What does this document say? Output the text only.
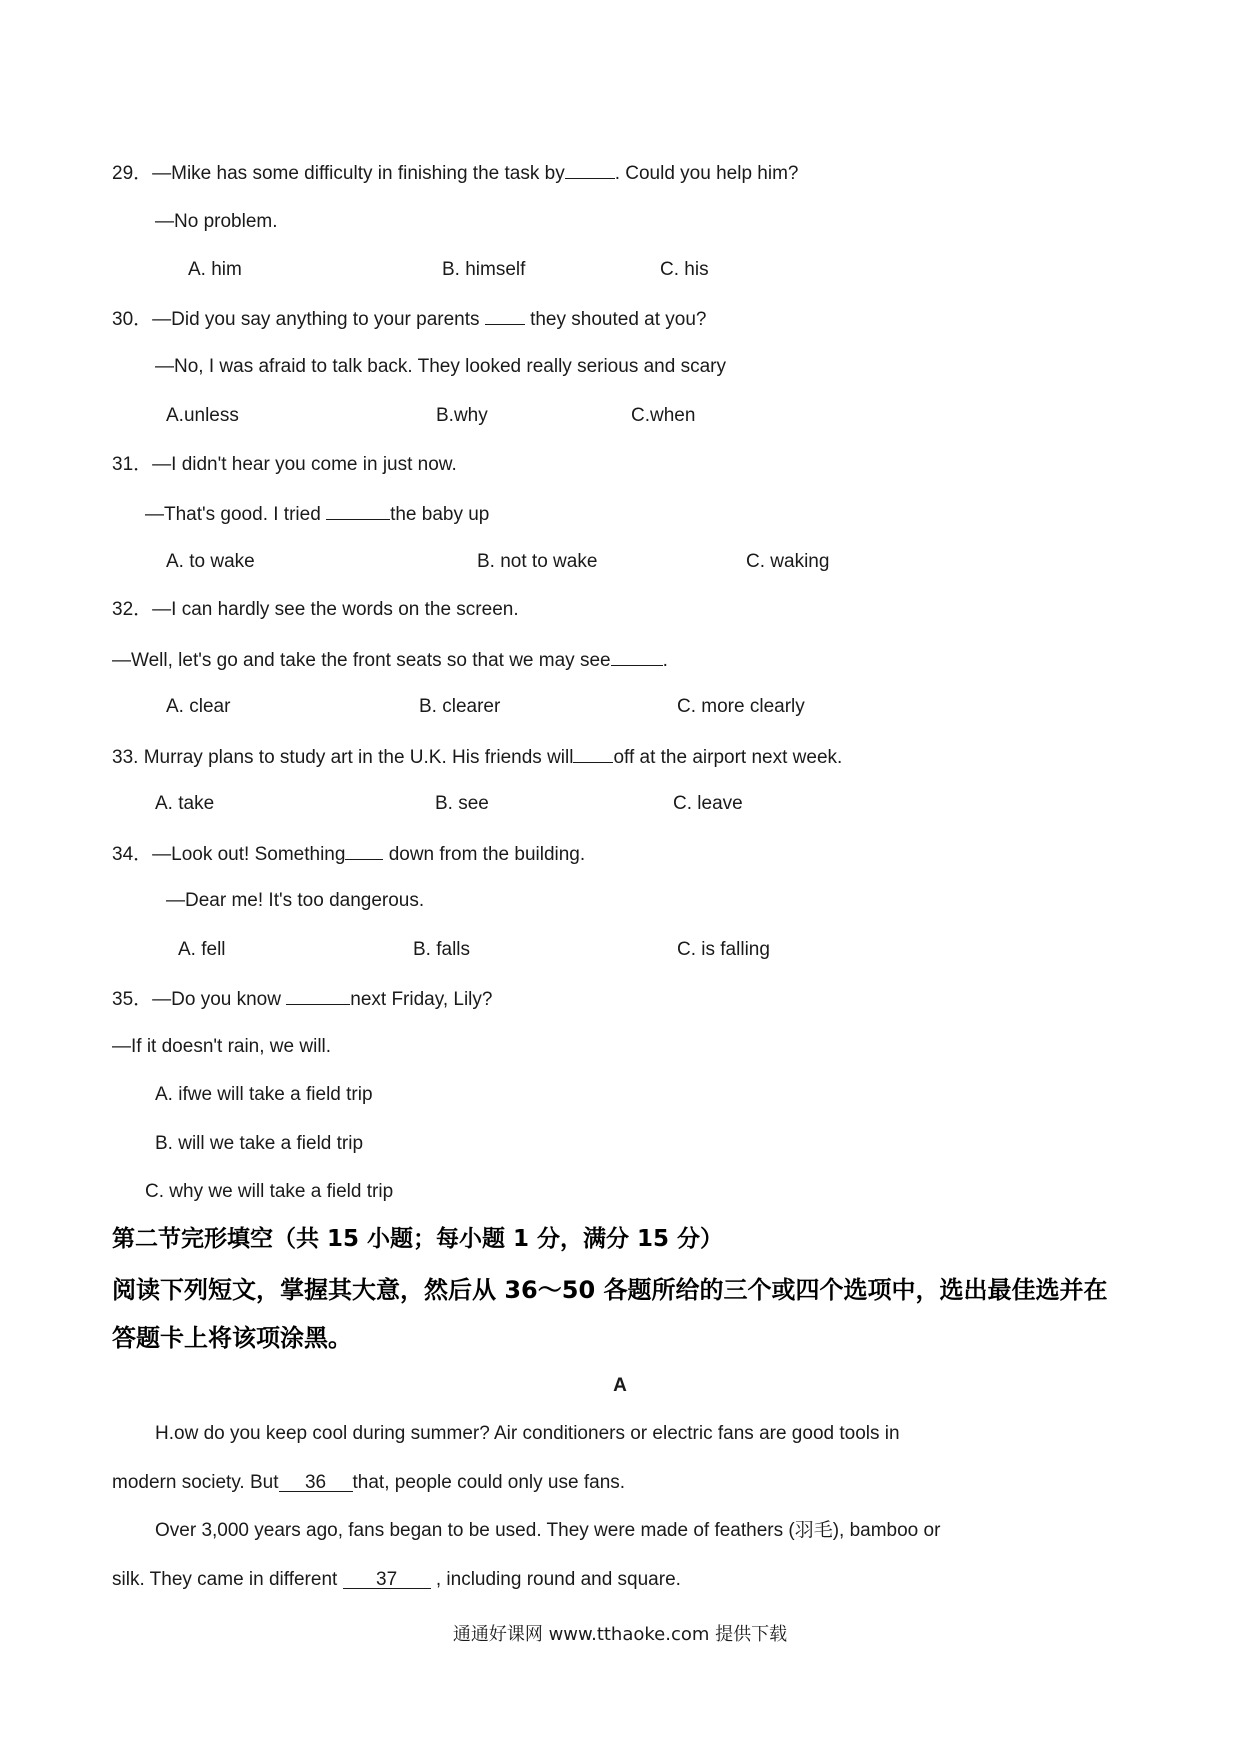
29．—Mike has some difficulty in finishing the task by	. Could you help him?
—No problem.
A. him	B. himself	C. his
30．—Did you say anything to your parents  they shouted at you?
—No, I was afraid to talk back. They looked really serious and scary
A.unless	B.why	C.when
31．—I didn't hear you come in just now.
—That's good. I tried	the baby up
A. to wake	B. not to wake	C. waking
32．—I can hardly see the words on the screen.
—Well, let's go and take the front seats so that we may see	.
A. clear	B. clearer	C. more clearly
33. Murray plans to study art in the U.K. His friends will off at the airport next week.
A. take	B. see	C. leave
34．—Look out! Something down from the building.
—Dear me! It's too dangerous.
A. fell	B. falls	C. is falling
35．—Do you know	next Friday, Lily?
—If it doesn't rain, we will.
A. ifwe will take a field trip
B. will we take a field trip
C. why we will take a field trip
第二节完形填空（共 15 小题；每小题 1 分，满分 15 分）
阅读下列短文，掌握其大意，然后从 36～50 各题所给的三个或四个选项中，选出最佳选并在
答题卡上将该项涂黑。
A
H.ow do you keep cool during summer? Air conditioners or electric fans are good tools in
modern society. But 36 that, people could only use fans.
Over 3,000 years ago, fans began to be used. They were made of feathers (羽毛), bamboo or
silk. They came in different 37 , including round and square.
通通好课网 www.tthaoke.com 提供下载
